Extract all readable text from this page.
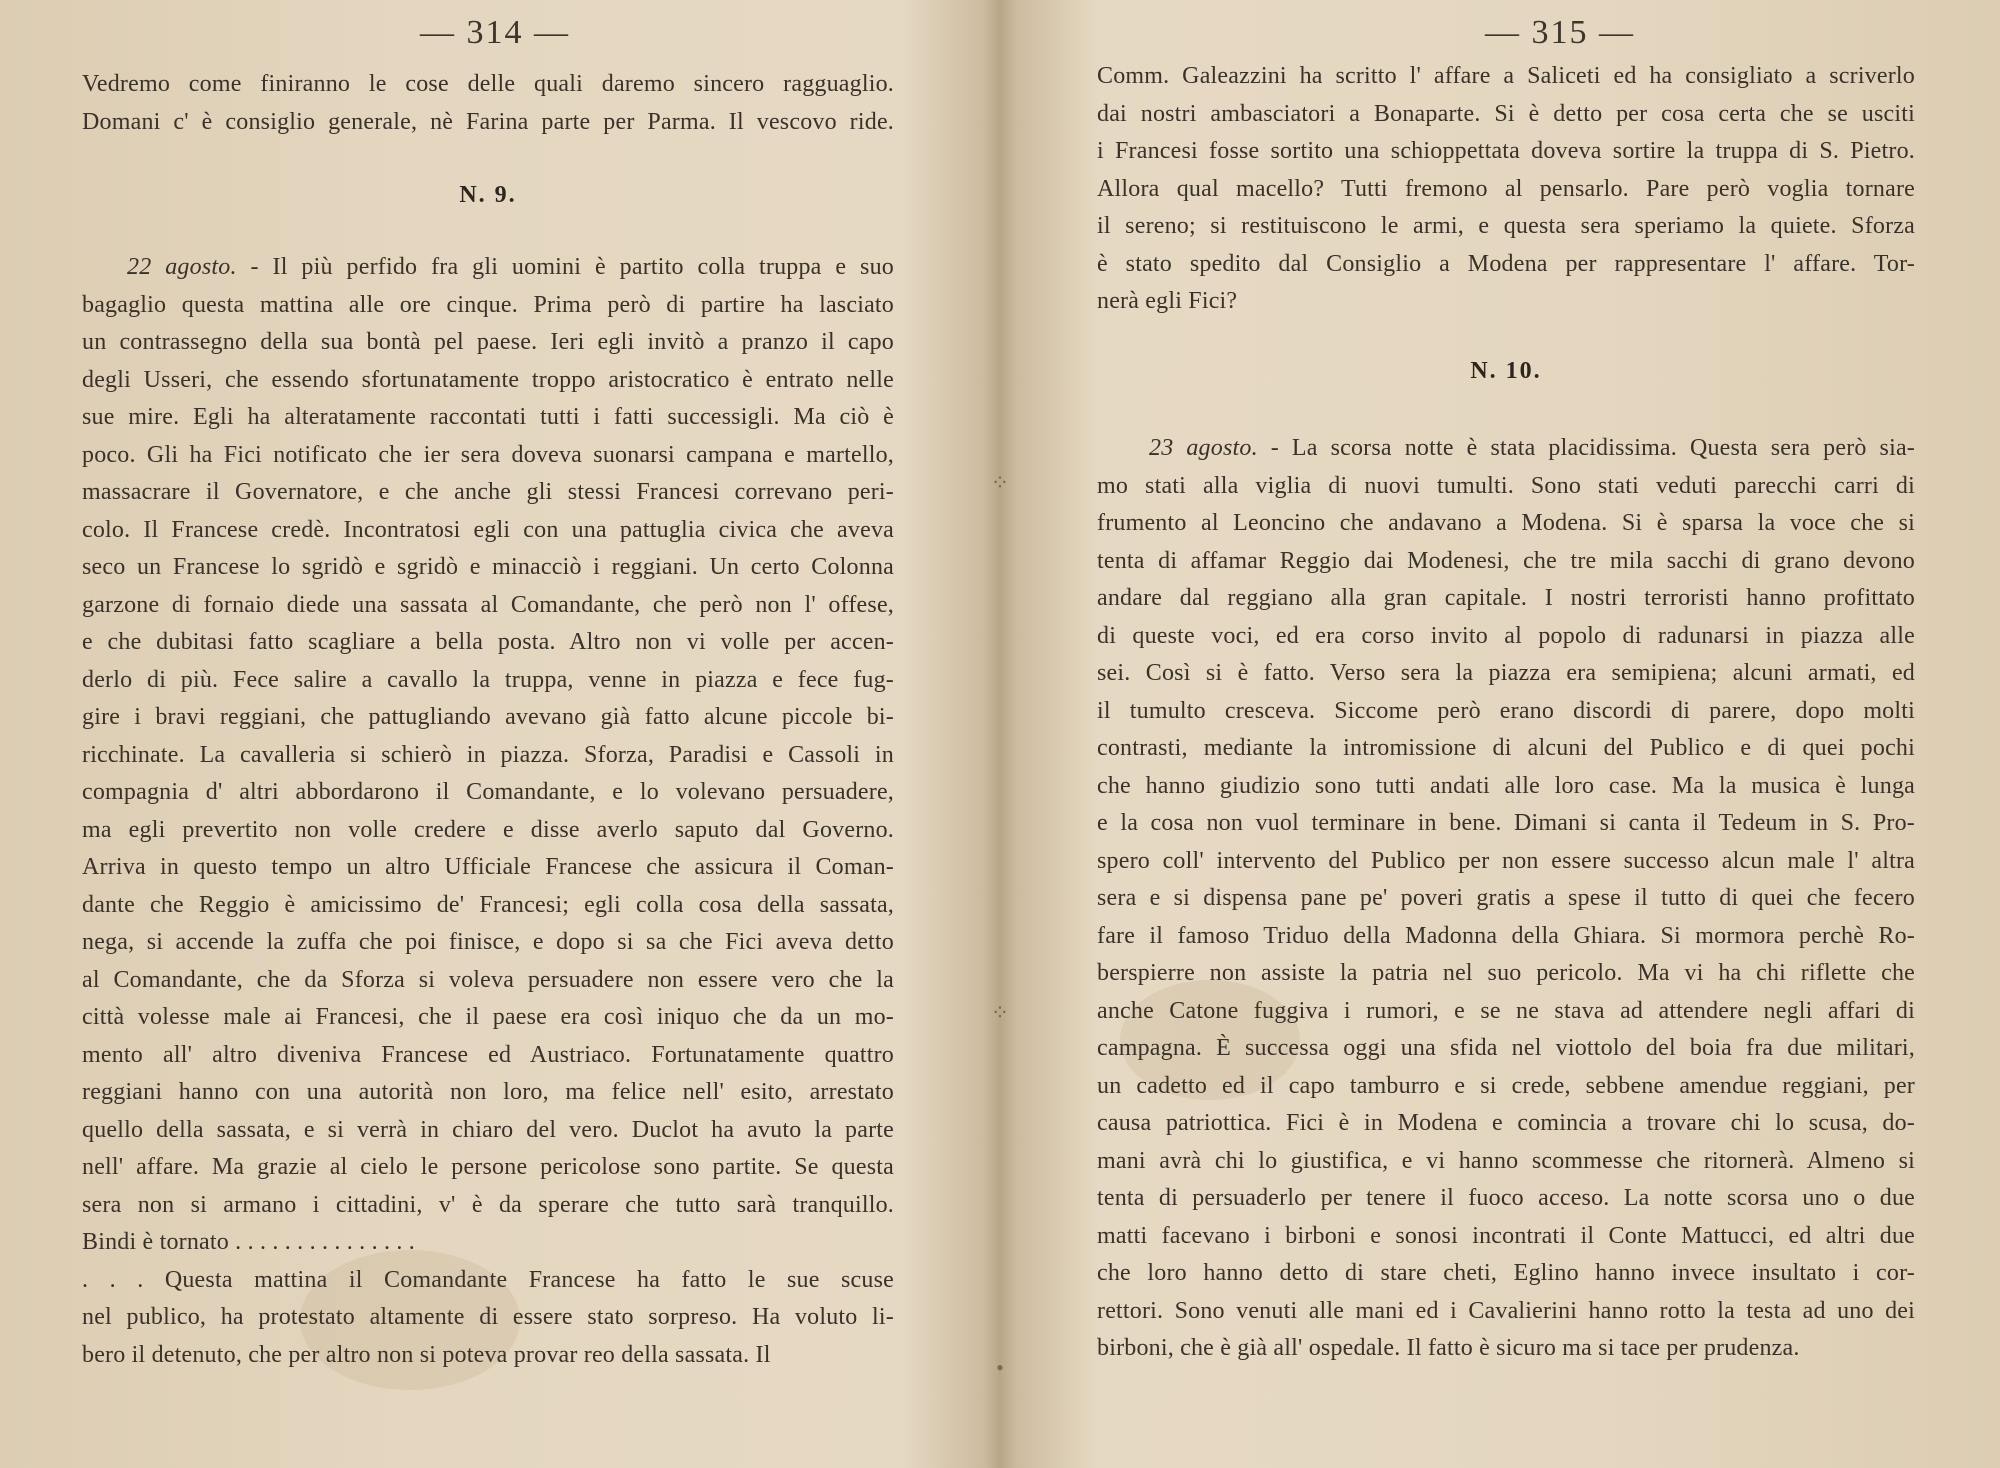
⁘
⁘
•
— 314 —
Vedremo come finiranno le cose delle quali daremo sincero ragguaglio.
Domani c' è consiglio generale, nè Farina parte per Parma. Il vescovo ride.
N. 9.
22 agosto. - Il più perfido fra gli uomini è partito colla truppa e suo
bagaglio questa mattina alle ore cinque. Prima però di partire ha lasciato
un contrassegno della sua bontà pel paese. Ieri egli invitò a pranzo il capo
degli Usseri, che essendo sfortunatamente troppo aristocratico è entrato nelle
sue mire. Egli ha alteratamente raccontati tutti i fatti successigli. Ma ciò è
poco. Gli ha Fici notificato che ier sera doveva suonarsi campana e martello,
massacrare il Governatore, e che anche gli stessi Francesi correvano peri-
colo. Il Francese credè. Incontratosi egli con una pattuglia civica che aveva
seco un Francese lo sgridò e sgridò e minacciò i reggiani. Un certo Colonna
garzone di fornaio diede una sassata al Comandante, che però non l' offese,
e che dubitasi fatto scagliare a bella posta. Altro non vi volle per accen-
derlo di più. Fece salire a cavallo la truppa, venne in piazza e fece fug-
gire i bravi reggiani, che pattugliando avevano già fatto alcune piccole bi-
ricchinate. La cavalleria si schierò in piazza. Sforza, Paradisi e Cassoli in
compagnia d' altri abbordarono il Comandante, e lo volevano persuadere,
ma egli prevertito non volle credere e disse averlo saputo dal Governo.
Arriva in questo tempo un altro Ufficiale Francese che assicura il Coman-
dante che Reggio è amicissimo de' Francesi; egli colla cosa della sassata,
nega, si accende la zuffa che poi finisce, e dopo si sa che Fici aveva detto
al Comandante, che da Sforza si voleva persuadere non essere vero che la
città volesse male ai Francesi, che il paese era così iniquo che da un mo-
mento all' altro diveniva Francese ed Austriaco. Fortunatamente quattro
reggiani hanno con una autorità non loro, ma felice nell' esito, arrestato
quello della sassata, e si verrà in chiaro del vero. Duclot ha avuto la parte
nell' affare. Ma grazie al cielo le persone pericolose sono partite. Se questa
sera non si armano i cittadini, v' è da sperare che tutto sarà tranquillo.
Bindi è tornato . . . . . . . . . . . . . . .
. . . Questa mattina il Comandante Francese ha fatto le sue scuse
nel publico, ha protestato altamente di essere stato sorpreso. Ha voluto li-
bero il detenuto, che per altro non si poteva provar reo della sassata. Il
— 315 —
Comm. Galeazzini ha scritto l' affare a Saliceti ed ha consigliato a scriverlo
dai nostri ambasciatori a Bonaparte. Si è detto per cosa certa che se usciti
i Francesi fosse sortito una schioppettata doveva sortire la truppa di S. Pietro.
Allora qual macello? Tutti fremono al pensarlo. Pare però voglia tornare
il sereno; si restituiscono le armi, e questa sera speriamo la quiete. Sforza
è stato spedito dal Consiglio a Modena per rappresentare l' affare. Tor-
nerà egli Fici?
N. 10.
23 agosto. - La scorsa notte è stata placidissima. Questa sera però sia-
mo stati alla viglia di nuovi tumulti. Sono stati veduti parecchi carri di
frumento al Leoncino che andavano a Modena. Si è sparsa la voce che si
tenta di affamar Reggio dai Modenesi, che tre mila sacchi di grano devono
andare dal reggiano alla gran capitale. I nostri terroristi hanno profittato
di queste voci, ed era corso invito al popolo di radunarsi in piazza alle
sei. Così si è fatto. Verso sera la piazza era semipiena; alcuni armati, ed
il tumulto cresceva. Siccome però erano discordi di parere, dopo molti
contrasti, mediante la intromissione di alcuni del Publico e di quei pochi
che hanno giudizio sono tutti andati alle loro case. Ma la musica è lunga
e la cosa non vuol terminare in bene. Dimani si canta il Tedeum in S. Pro-
spero coll' intervento del Publico per non essere successo alcun male l' altra
sera e si dispensa pane pe' poveri gratis a spese il tutto di quei che fecero
fare il famoso Triduo della Madonna della Ghiara. Si mormora perchè Ro-
berspierre non assiste la patria nel suo pericolo. Ma vi ha chi riflette che
anche Catone fuggiva i rumori, e se ne stava ad attendere negli affari di
campagna. È successa oggi una sfida nel viottolo del boia fra due militari,
un cadetto ed il capo tamburro e si crede, sebbene amendue reggiani, per
causa patriottica. Fici è in Modena e comincia a trovare chi lo scusa, do-
mani avrà chi lo giustifica, e vi hanno scommesse che ritornerà. Almeno si
tenta di persuaderlo per tenere il fuoco acceso. La notte scorsa uno o due
matti facevano i birboni e sonosi incontrati il Conte Mattucci, ed altri due
che loro hanno detto di stare cheti, Eglino hanno invece insultato i cor-
rettori. Sono venuti alle mani ed i Cavalierini hanno rotto la testa ad uno dei
birboni, che è già all' ospedale. Il fatto è sicuro ma si tace per prudenza.
